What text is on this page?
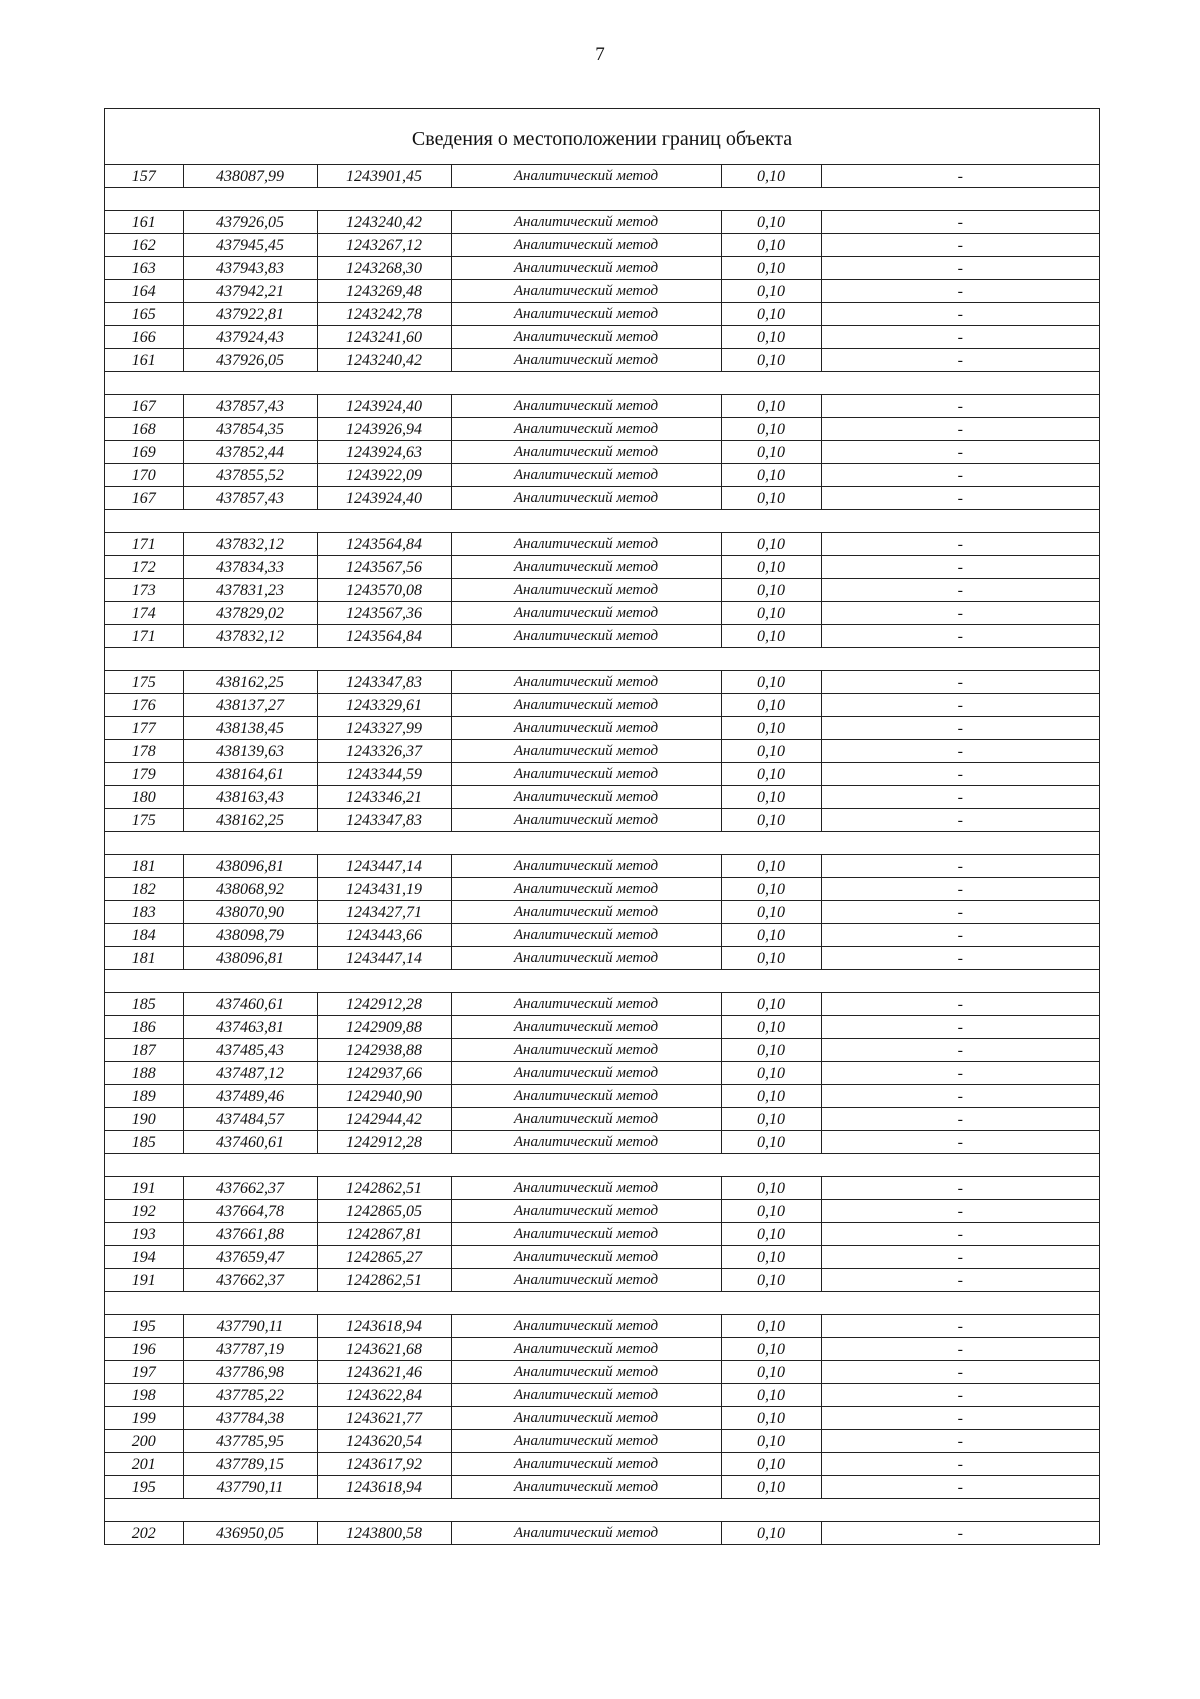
7
Сведения о местоположении границ объекта
157	438087,99	1243901,45	Аналитический метод	0,10	-

161	437926,05	1243240,42	Аналитический метод	0,10	-
162	437945,45	1243267,12	Аналитический метод	0,10	-
163	437943,83	1243268,30	Аналитический метод	0,10	-
164	437942,21	1243269,48	Аналитический метод	0,10	-
165	437922,81	1243242,78	Аналитический метод	0,10	-
166	437924,43	1243241,60	Аналитический метод	0,10	-
161	437926,05	1243240,42	Аналитический метод	0,10	-

167	437857,43	1243924,40	Аналитический метод	0,10	-
168	437854,35	1243926,94	Аналитический метод	0,10	-
169	437852,44	1243924,63	Аналитический метод	0,10	-
170	437855,52	1243922,09	Аналитический метод	0,10	-
167	437857,43	1243924,40	Аналитический метод	0,10	-

171	437832,12	1243564,84	Аналитический метод	0,10	-
172	437834,33	1243567,56	Аналитический метод	0,10	-
173	437831,23	1243570,08	Аналитический метод	0,10	-
174	437829,02	1243567,36	Аналитический метод	0,10	-
171	437832,12	1243564,84	Аналитический метод	0,10	-

175	438162,25	1243347,83	Аналитический метод	0,10	-
176	438137,27	1243329,61	Аналитический метод	0,10	-
177	438138,45	1243327,99	Аналитический метод	0,10	-
178	438139,63	1243326,37	Аналитический метод	0,10	-
179	438164,61	1243344,59	Аналитический метод	0,10	-
180	438163,43	1243346,21	Аналитический метод	0,10	-
175	438162,25	1243347,83	Аналитический метод	0,10	-

181	438096,81	1243447,14	Аналитический метод	0,10	-
182	438068,92	1243431,19	Аналитический метод	0,10	-
183	438070,90	1243427,71	Аналитический метод	0,10	-
184	438098,79	1243443,66	Аналитический метод	0,10	-
181	438096,81	1243447,14	Аналитический метод	0,10	-

185	437460,61	1242912,28	Аналитический метод	0,10	-
186	437463,81	1242909,88	Аналитический метод	0,10	-
187	437485,43	1242938,88	Аналитический метод	0,10	-
188	437487,12	1242937,66	Аналитический метод	0,10	-
189	437489,46	1242940,90	Аналитический метод	0,10	-
190	437484,57	1242944,42	Аналитический метод	0,10	-
185	437460,61	1242912,28	Аналитический метод	0,10	-

191	437662,37	1242862,51	Аналитический метод	0,10	-
192	437664,78	1242865,05	Аналитический метод	0,10	-
193	437661,88	1242867,81	Аналитический метод	0,10	-
194	437659,47	1242865,27	Аналитический метод	0,10	-
191	437662,37	1242862,51	Аналитический метод	0,10	-

195	437790,11	1243618,94	Аналитический метод	0,10	-
196	437787,19	1243621,68	Аналитический метод	0,10	-
197	437786,98	1243621,46	Аналитический метод	0,10	-
198	437785,22	1243622,84	Аналитический метод	0,10	-
199	437784,38	1243621,77	Аналитический метод	0,10	-
200	437785,95	1243620,54	Аналитический метод	0,10	-
201	437789,15	1243617,92	Аналитический метод	0,10	-
195	437790,11	1243618,94	Аналитический метод	0,10	-

202	436950,05	1243800,58	Аналитический метод	0,10	-
